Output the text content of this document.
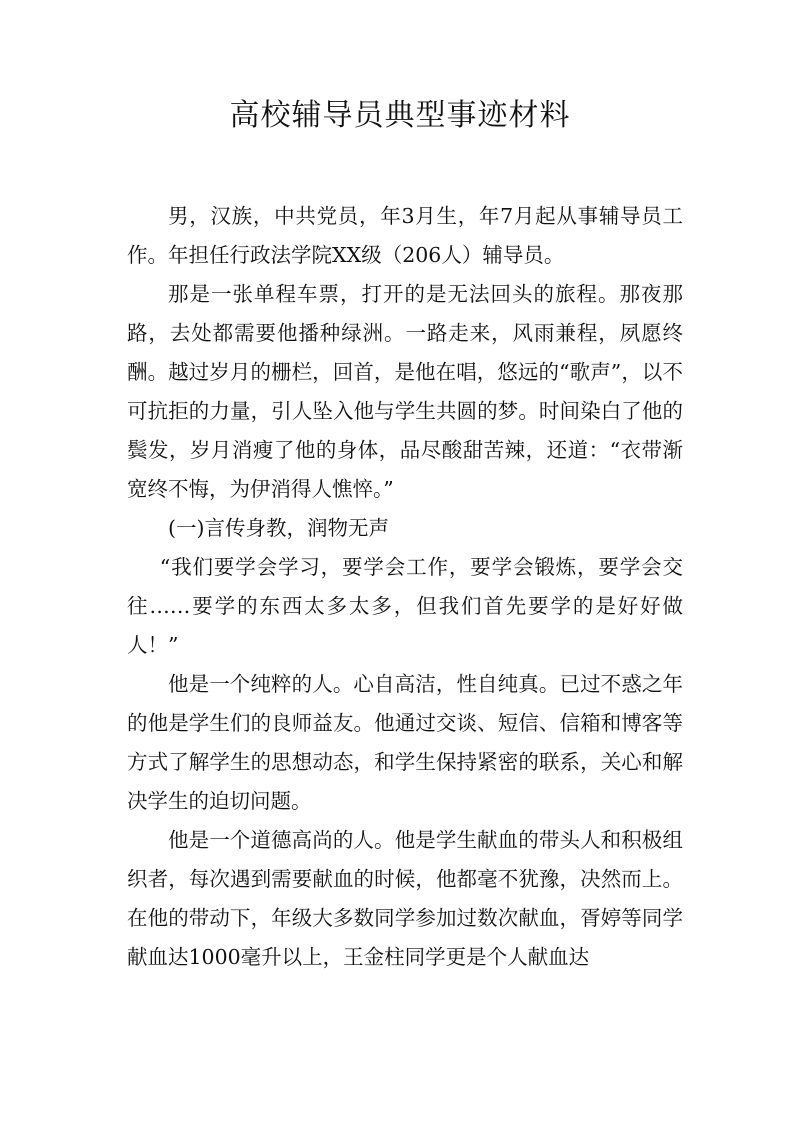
高校辅导员典型事迹材料

男，汉族，中共党员，年3月生，年7月起从事辅导员工作。年担任行政法学院XX级（206人）辅导员。

那是一张单程车票，打开的是无法回头的旅程。那夜那路，去处都需要他播种绿洲。一路走来，风雨兼程，夙愿终酬。越过岁月的栅栏，回首，是他在唱，悠远的“歌声”，以不可抗拒的力量，引人坠入他与学生共圆的梦。时间染白了他的鬓发，岁月消瘦了他的身体，品尽酸甜苦辣，还道：“衣带渐宽终不悔，为伊消得人憔悴。”

(一)言传身教，润物无声

“我们要学会学习，要学会工作，要学会锻炼，要学会交往……要学的东西太多太多，但我们首先要学的是好好做人！”

他是一个纯粹的人。心自高洁，性自纯真。已过不惑之年的他是学生们的良师益友。他通过交谈、短信、信箱和博客等方式了解学生的思想动态，和学生保持紧密的联系，关心和解决学生的迫切问题。

他是一个道德高尚的人。他是学生献血的带头人和积极组织者，每次遇到需要献血的时候，他都毫不犹豫，决然而上。在他的带动下，年级大多数同学参加过数次献血，胥婷等同学献血达1000毫升以上，王金柱同学更是个人献血达
